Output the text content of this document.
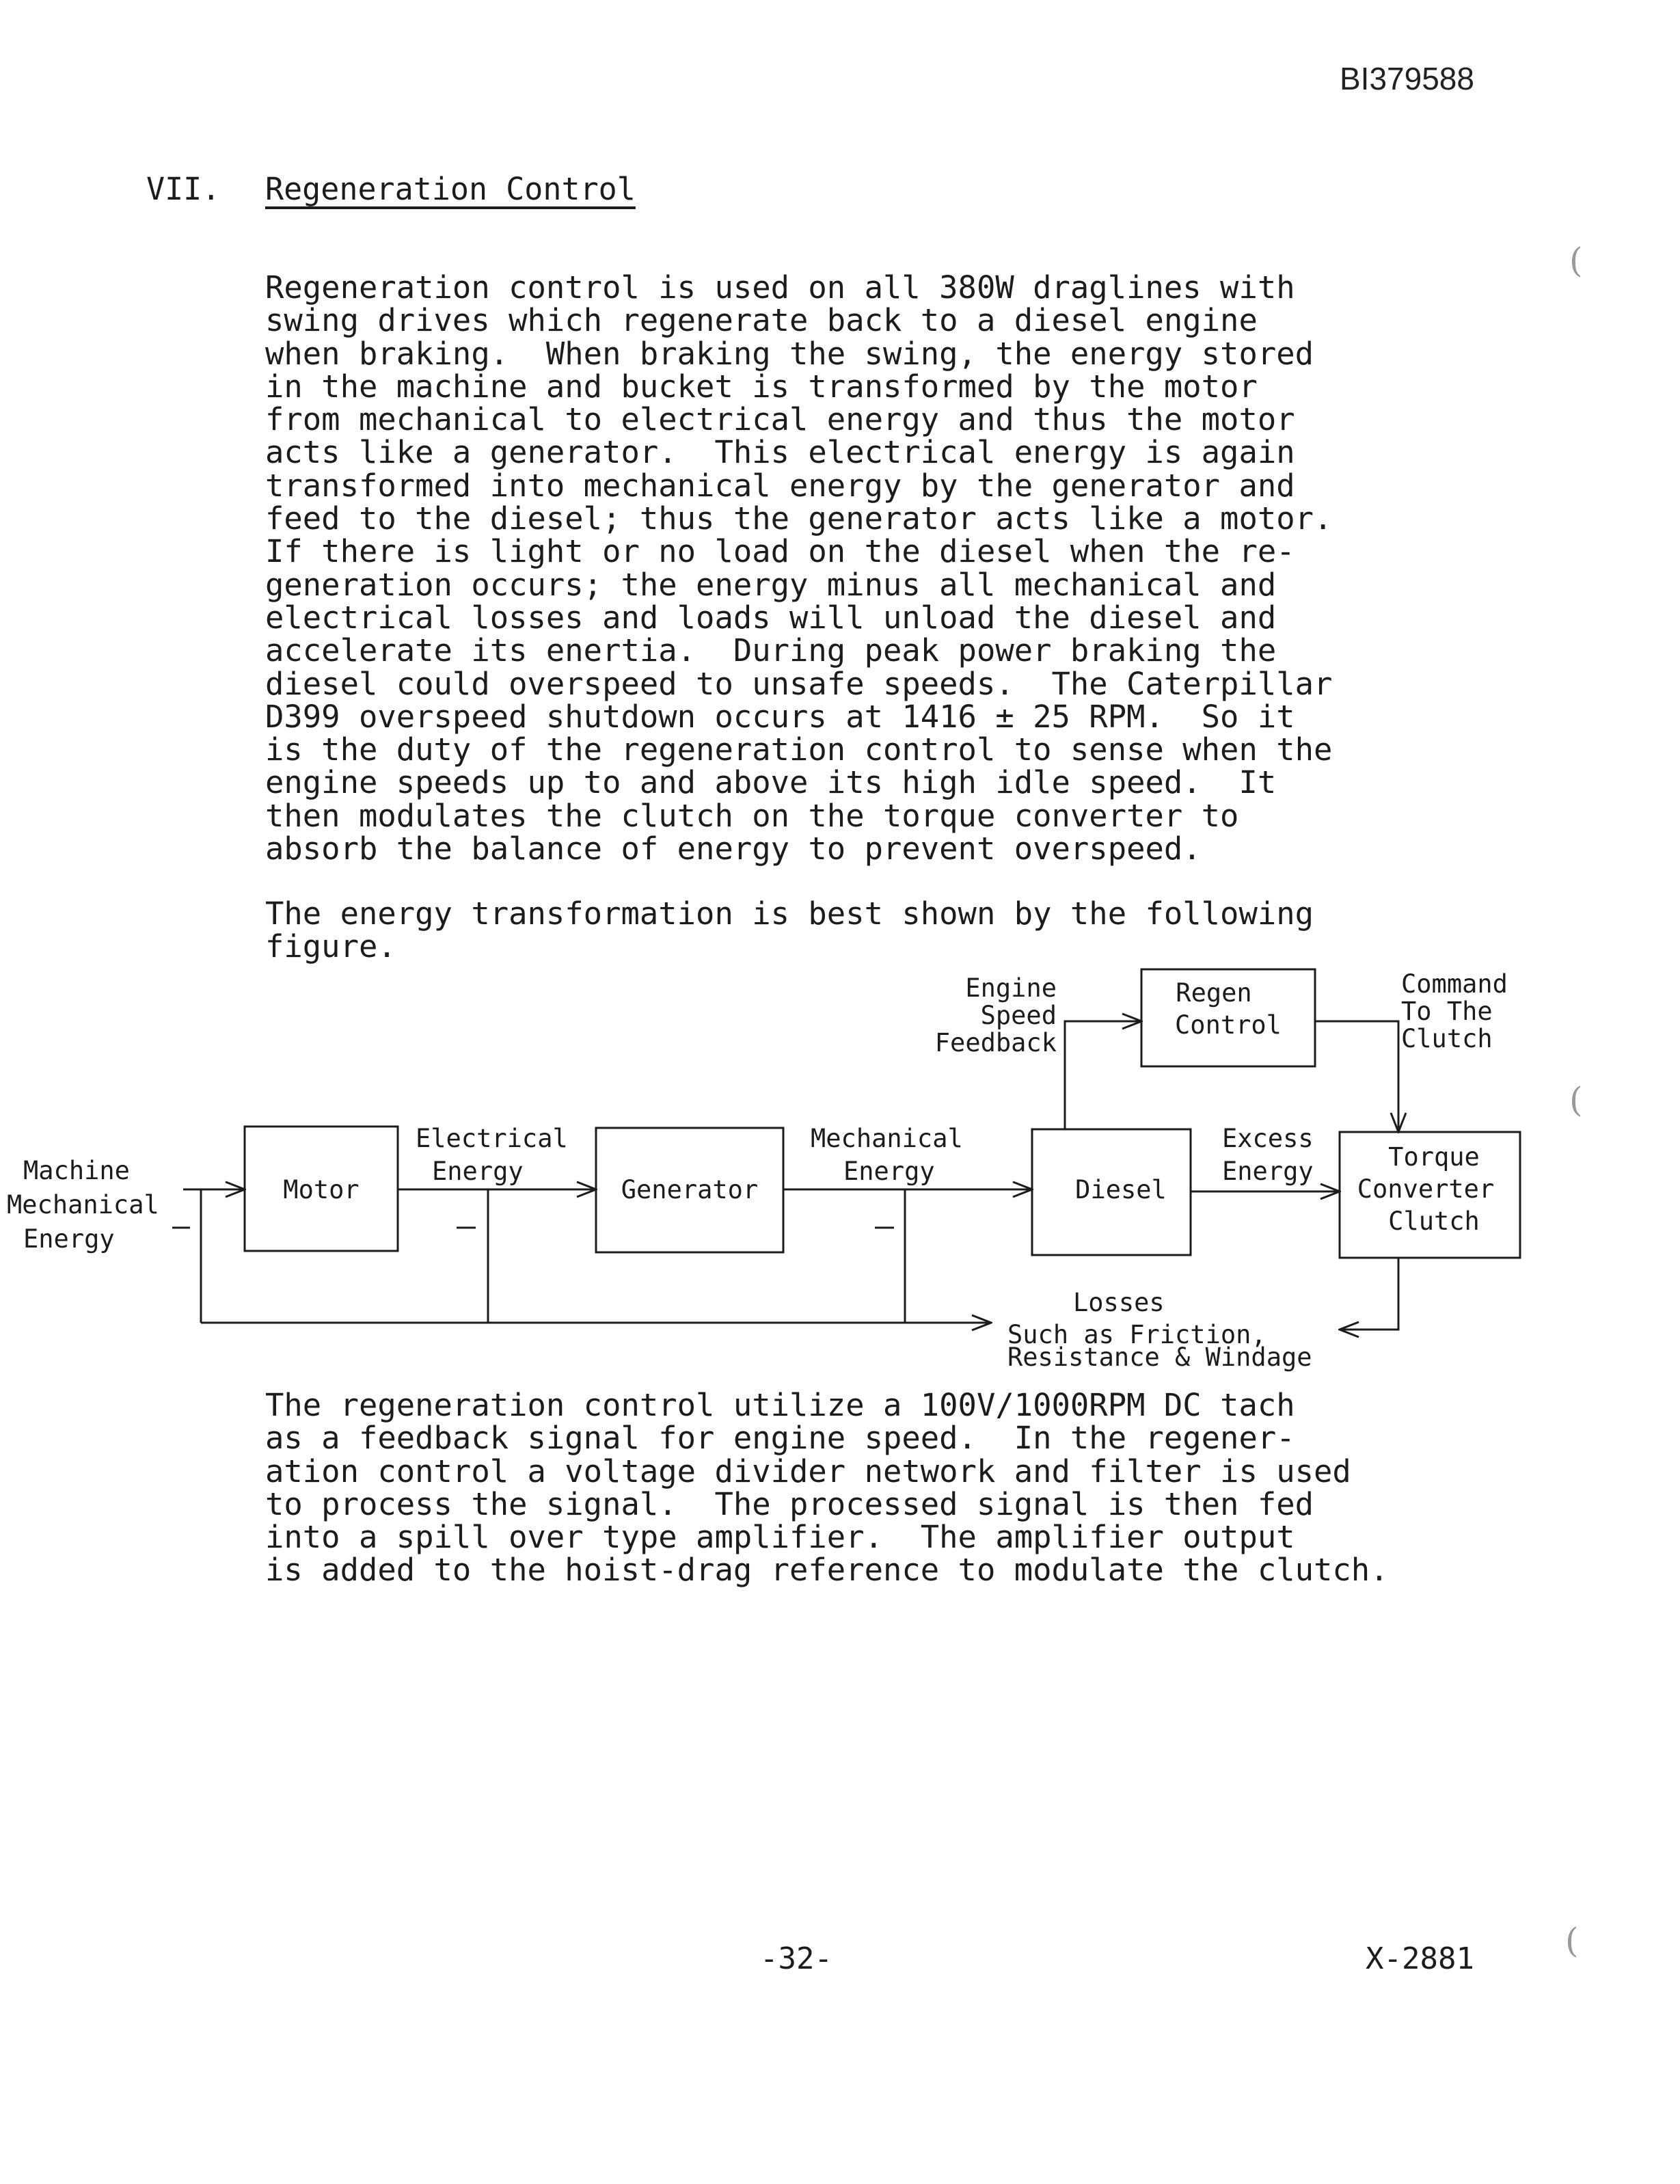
BI379588
VII. Regeneration Control

Regeneration control is used on all 380W draglines with
swing drives which regenerate back to a diesel engine
when braking.  When braking the swing, the energy stored
in the machine and bucket is transformed by the motor
from mechanical to electrical energy and thus the motor
acts like a generator.  This electrical energy is again
transformed into mechanical energy by the generator and
feed to the diesel; thus the generator acts like a motor.
If there is light or no load on the diesel when the re-
generation occurs; the energy minus all mechanical and
electrical losses and loads will unload the diesel and
accelerate its enertia.  During peak power braking the
diesel could overspeed to unsafe speeds.  The Caterpillar
D399 overspeed shutdown occurs at 1416 ± 25 RPM.  So it
is the duty of the regeneration control to sense when the
engine speeds up to and above its high idle speed.  It
then modulates the clutch on the torque converter to
absorb the balance of energy to prevent overspeed.

The energy transformation is best shown by the following
figure.

Machine
Mechanical
Energy
Motor	Generator	Diesel
Regen
Control
Torque
Converter
Clutch
Electrical
Energy
Mechanical
Energy
Excess
Energy
Engine
Speed
Feedback
Command
To The
Clutch
Losses
Such as Friction,
Resistance & Windage

The regeneration control utilize a 100V/1000RPM DC tach
as a feedback signal for engine speed.  In the regener-
ation control a voltage divider network and filter is used
to process the signal.  The processed signal is then fed
into a spill over type amplifier.  The amplifier output
is added to the hoist-drag reference to modulate the clutch.

-32-	X-2881
(
(
(
